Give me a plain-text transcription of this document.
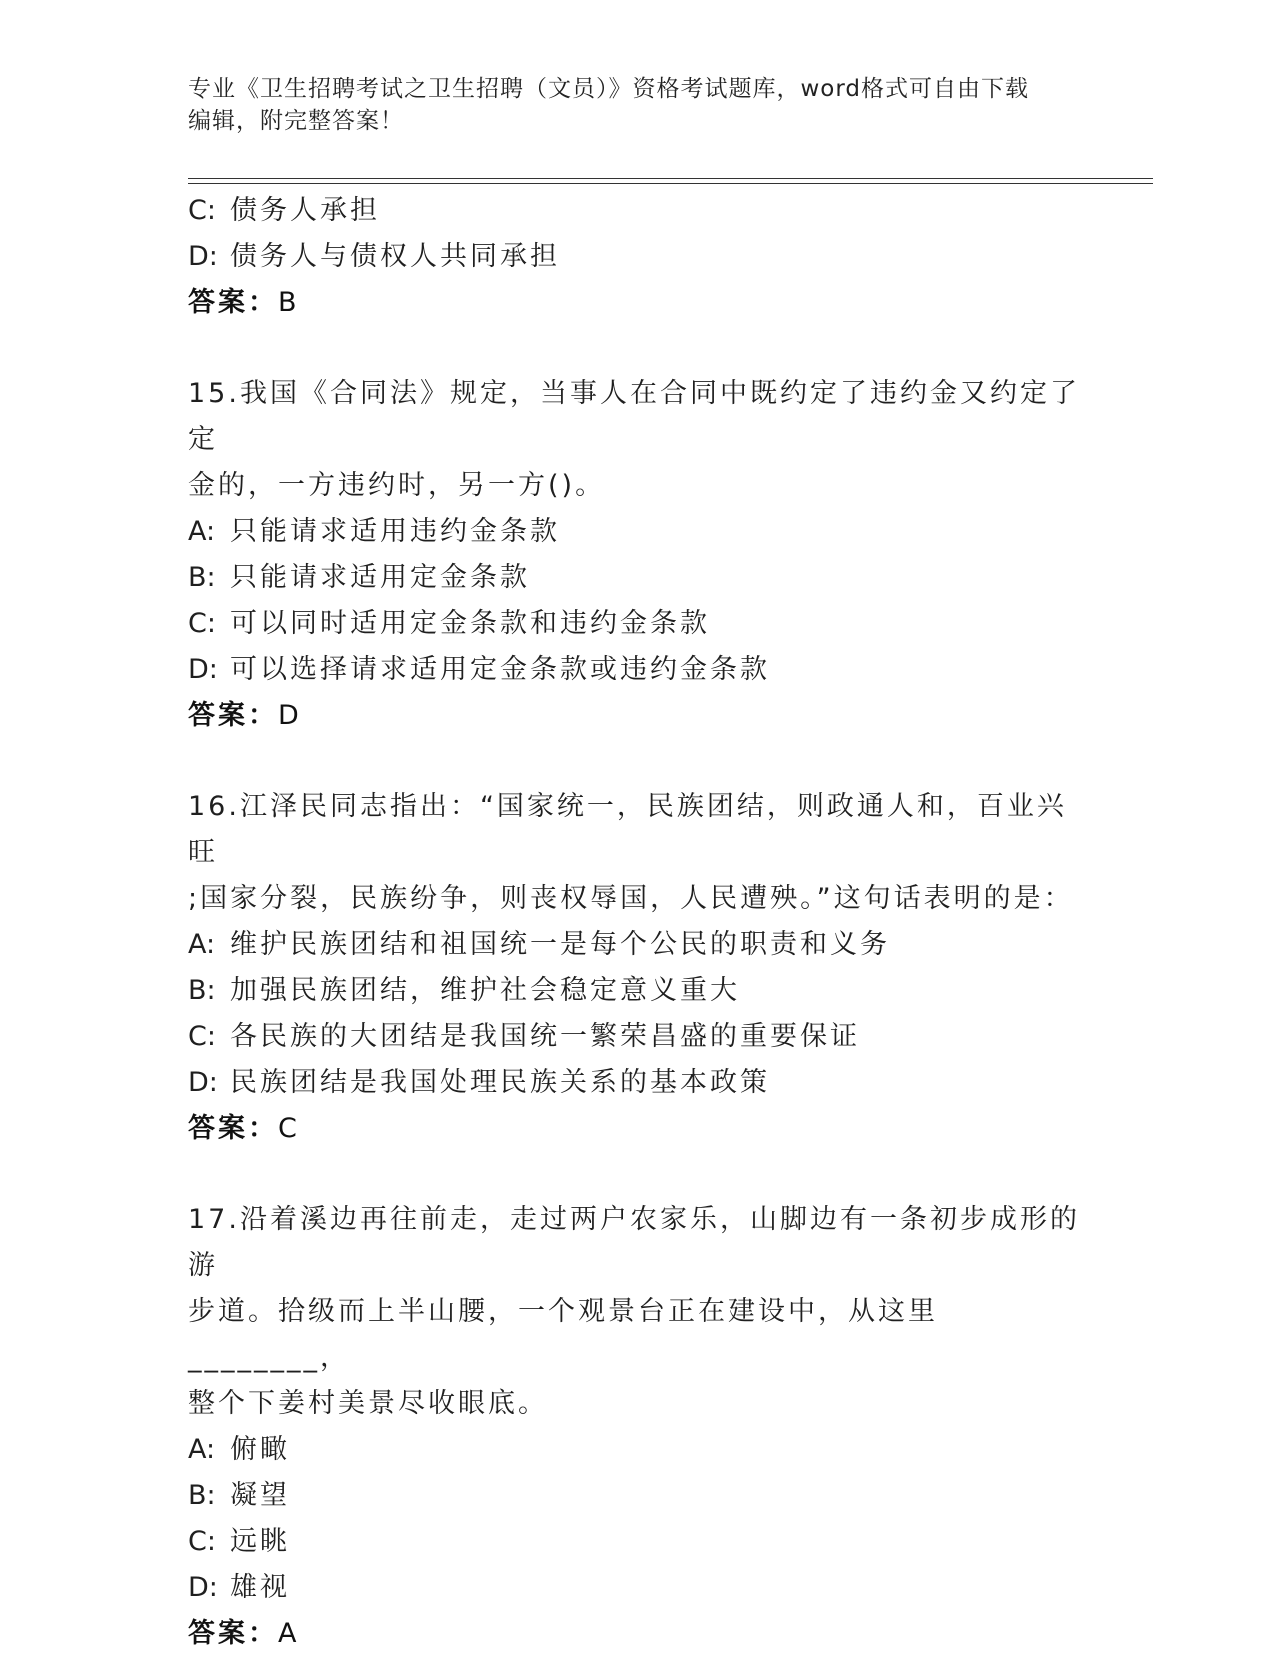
专业《卫生招聘考试之卫生招聘（文员）》资格考试题库，word格式可自由下载
编辑，附完整答案！
C: 债务人承担
D: 债务人与债权人共同承担
答案：B
15.我国《合同法》规定，当事人在合同中既约定了违约金又约定了定
金的，一方违约时，另一方()。
A: 只能请求适用违约金条款
B: 只能请求适用定金条款
C: 可以同时适用定金条款和违约金条款
D: 可以选择请求适用定金条款或违约金条款
答案：D
16.江泽民同志指出：“国家统一，民族团结，则政通人和，百业兴旺
;国家分裂，民族纷争，则丧权辱国，人民遭殃。”这句话表明的是：
A: 维护民族团结和祖国统一是每个公民的职责和义务
B: 加强民族团结，维护社会稳定意义重大
C: 各民族的大团结是我国统一繁荣昌盛的重要保证
D: 民族团结是我国处理民族关系的基本政策
答案：C
17.沿着溪边再往前走，走过两户农家乐，山脚边有一条初步成形的游
步道。拾级而上半山腰，一个观景台正在建设中，从这里________，
整个下姜村美景尽收眼底。
A: 俯瞰
B: 凝望
C: 远眺
D: 雄视
答案：A
